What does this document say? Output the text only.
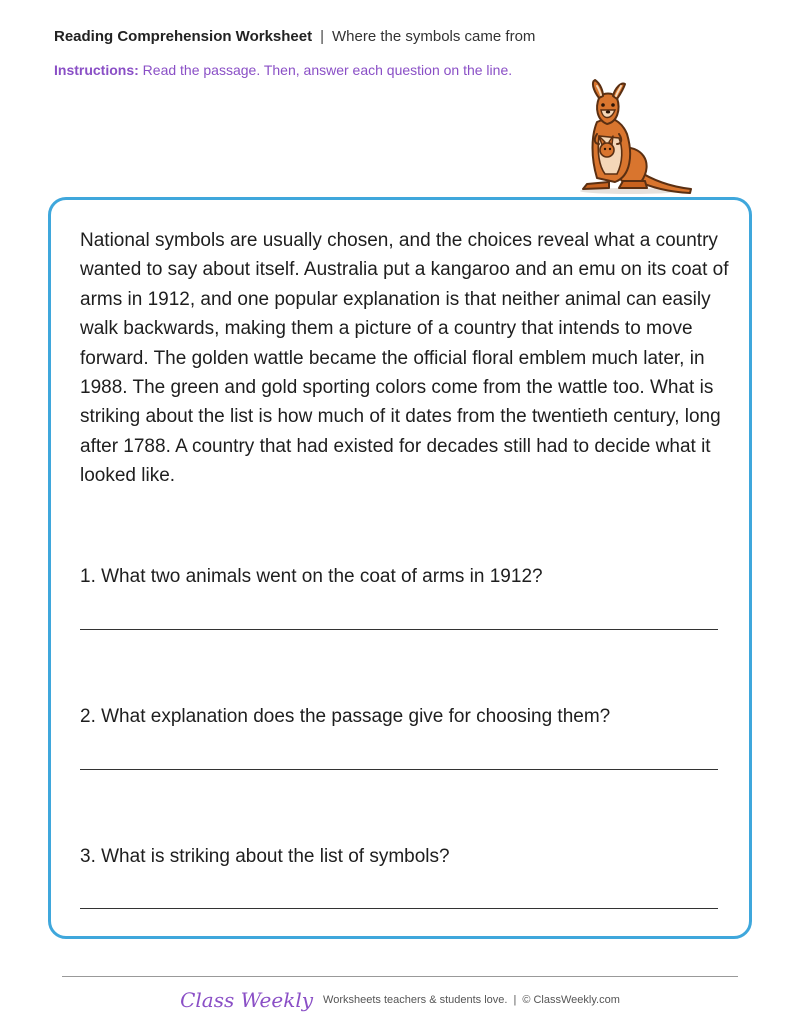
Reading Comprehension Worksheet | Where the symbols came from
Instructions: Read the passage. Then, answer each question on the line.

National symbols are usually chosen, and the choices reveal what a country wanted to say about itself. Australia put a kangaroo and an emu on its coat of arms in 1912, and one popular explanation is that neither animal can easily walk backwards, making them a picture of a country that intends to move forward. The golden wattle became the official floral emblem much later, in 1988. The green and gold sporting colors come from the wattle too. What is striking about the list is how much of it dates from the twentieth century, long after 1788. A country that had existed for decades still had to decide what it looked like.

1. What two animals went on the coat of arms in 1912?
2. What explanation does the passage give for choosing them?
3. What is striking about the list of symbols?
Class Weekly Worksheets teachers & students love. | © ClassWeekly.com
